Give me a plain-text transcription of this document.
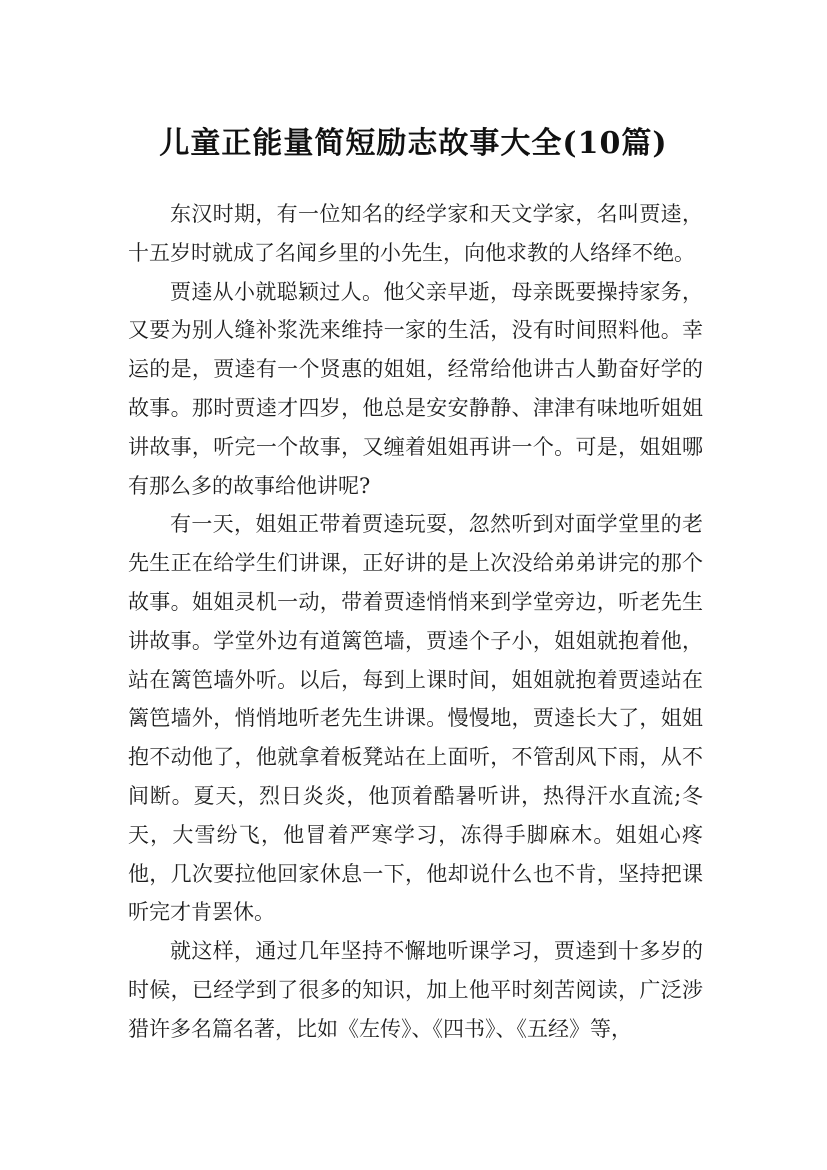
儿童正能量简短励志故事大全(10篇)

东汉时期，有一位知名的经学家和天文学家，名叫贾逵，十五岁时就成了名闻乡里的小先生，向他求教的人络绎不绝。

贾逵从小就聪颖过人。他父亲早逝，母亲既要操持家务，又要为别人缝补浆洗来维持一家的生活，没有时间照料他。幸运的是，贾逵有一个贤惠的姐姐，经常给他讲古人勤奋好学的故事。那时贾逵才四岁，他总是安安静静、津津有味地听姐姐讲故事，听完一个故事，又缠着姐姐再讲一个。可是，姐姐哪有那么多的故事给他讲呢?

有一天，姐姐正带着贾逵玩耍，忽然听到对面学堂里的老先生正在给学生们讲课，正好讲的是上次没给弟弟讲完的那个故事。姐姐灵机一动，带着贾逵悄悄来到学堂旁边，听老先生讲故事。学堂外边有道篱笆墙，贾逵个子小，姐姐就抱着他，站在篱笆墙外听。以后，每到上课时间，姐姐就抱着贾逵站在篱笆墙外，悄悄地听老先生讲课。慢慢地，贾逵长大了，姐姐抱不动他了，他就拿着板凳站在上面听，不管刮风下雨，从不间断。夏天，烈日炎炎，他顶着酷暑听讲，热得汗水直流;冬天，大雪纷飞，他冒着严寒学习，冻得手脚麻木。姐姐心疼他，几次要拉他回家休息一下，他却说什么也不肯，坚持把课听完才肯罢休。

就这样，通过几年坚持不懈地听课学习，贾逵到十多岁的时候，已经学到了很多的知识，加上他平时刻苦阅读，广泛涉猎许多名篇名著，比如《左传》、《四书》、《五经》等，
